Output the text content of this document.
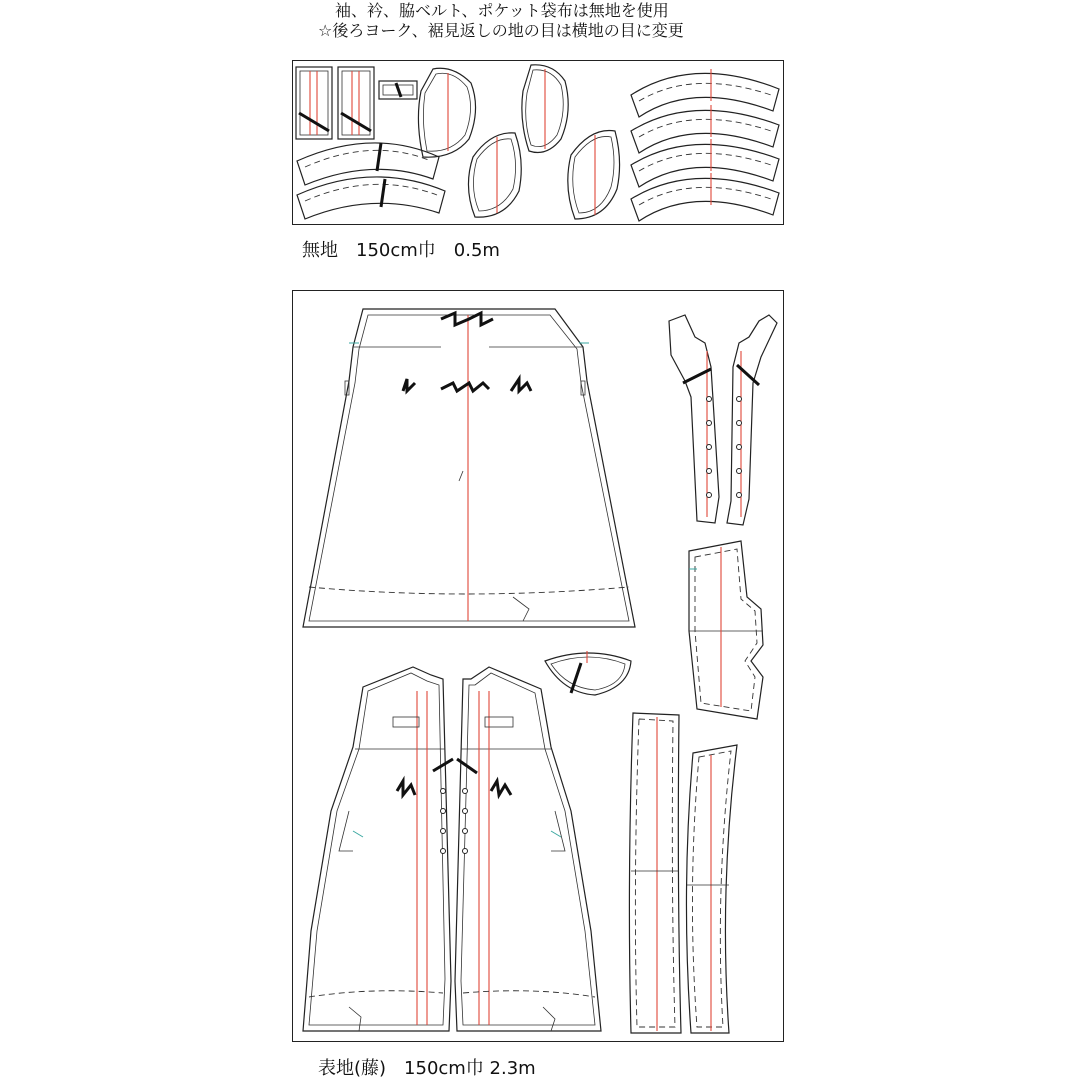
袖、衿、脇ベルト、ポケット袋布は無地を使用
☆後ろヨーク、裾見返しの地の目は横地の目に変更
無地　150cm巾　0.5m
表地(藤)　150cm巾 2.3m
